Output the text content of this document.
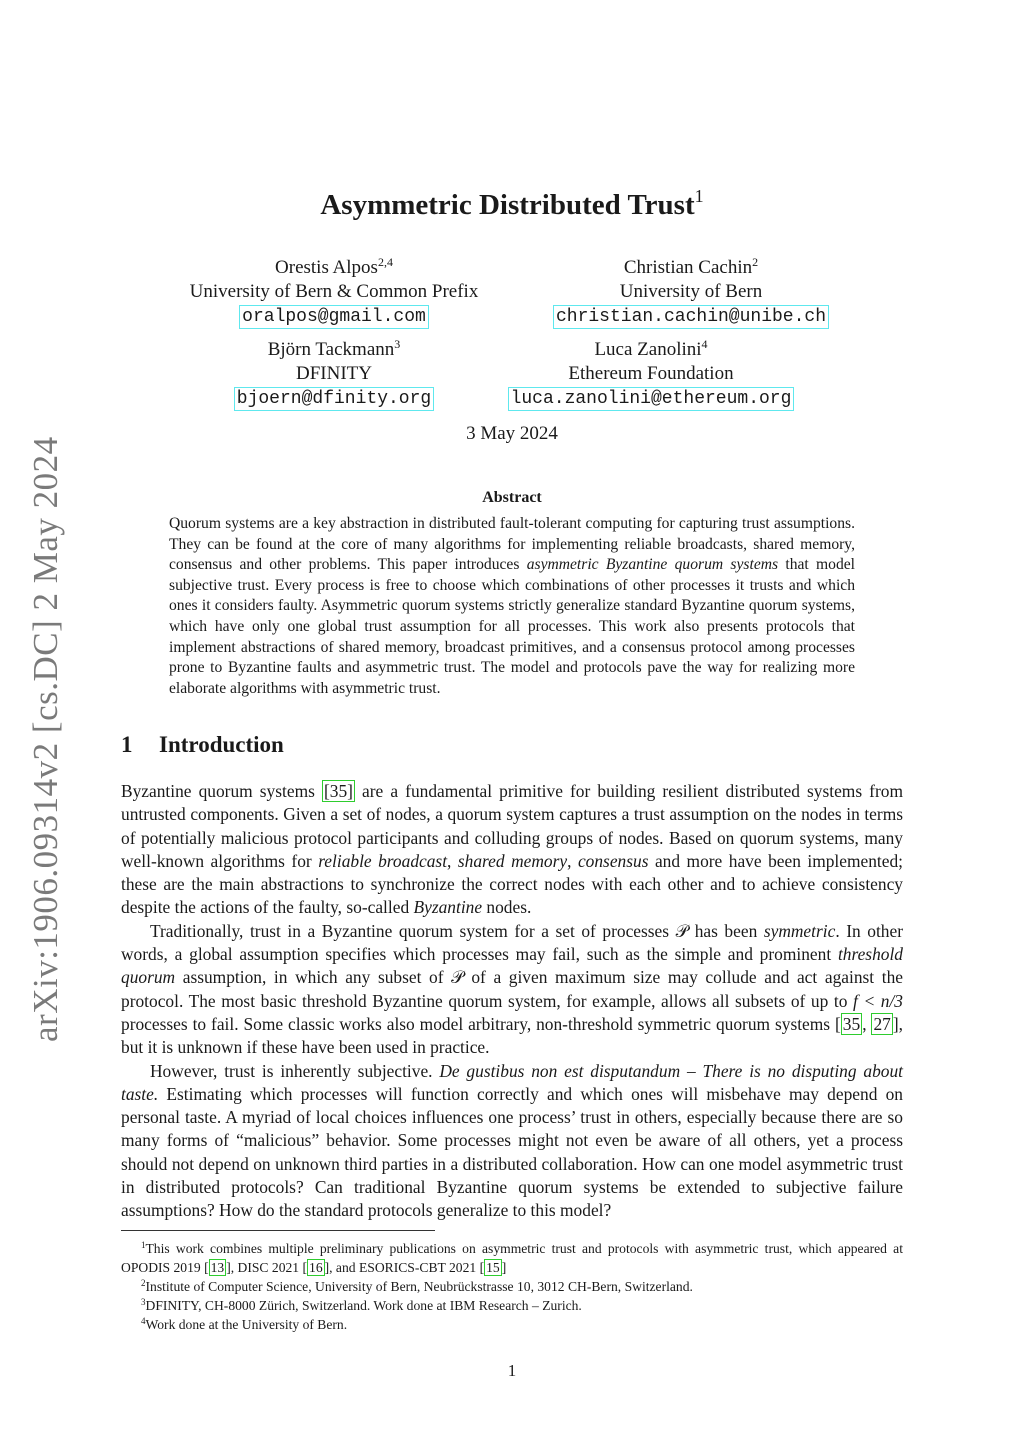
arXiv:1906.09314v2 [cs.DC] 2 May 2024
Asymmetric Distributed Trust$^1$
Orestis Alpos$^{2,4}$
University of Bern & Common Prefix
oralpos@gmail.com
Christian Cachin$^2$
University of Bern
christian.cachin@unibe.ch
Björn Tackmann$^3$
DFINITY
bjoern@dfinity.org
Luca Zanolini$^4$
Ethereum Foundation
luca.zanolini@ethereum.org
3 May 2024
Abstract
Quorum systems are a key abstraction in distributed fault-tolerant computing for capturing trust assumptions. They can be found at the core of many algorithms for implementing reliable broadcasts, shared memory, consensus and other problems. This paper introduces asymmetric Byzantine quorum systems that model subjective trust. Every process is free to choose which combinations of other processes it trusts and which ones it considers faulty. Asymmetric quorum systems strictly generalize standard Byzantine quorum systems, which have only one global trust assumption for all processes. This work also presents protocols that implement abstractions of shared memory, broadcast primitives, and a consensus protocol among processes prone to Byzantine faults and asymmetric trust. The model and protocols pave the way for realizing more elaborate algorithms with asymmetric trust.
1 Introduction

Byzantine quorum systems [35] are a fundamental primitive for building resilient distributed systems from untrusted components. Given a set of nodes, a quorum system captures a trust assumption on the nodes in terms of potentially malicious protocol participants and colluding groups of nodes. Based on quorum systems, many well-known algorithms for reliable broadcast, shared memory, consensus and more have been implemented; these are the main abstractions to synchronize the correct nodes with each other and to achieve consistency despite the actions of the faulty, so-called Byzantine nodes.

Traditionally, trust in a Byzantine quorum system for a set of processes 𝒫 has been symmetric. In other words, a global assumption specifies which processes may fail, such as the simple and prominent threshold quorum assumption, in which any subset of 𝒫 of a given maximum size may collude and act against the protocol. The most basic threshold Byzantine quorum system, for example, allows all subsets of up to f < n/3 processes to fail. Some classic works also model arbitrary, non-threshold symmetric quorum systems [ 35 , 27 ], but it is unknown if these have been used in practice.

However, trust is inherently subjective. De gustibus non est disputandum – There is no disputing about taste. Estimating which processes will function correctly and which ones will misbehave may depend on personal taste. A myriad of local choices influences one process’ trust in others, especially because there are so many forms of “malicious” behavior. Some processes might not even be aware of all others, yet a process should not depend on unknown third parties in a distributed collaboration. How can one model asymmetric trust in distributed protocols? Can traditional Byzantine quorum systems be extended to subjective failure assumptions? How do the standard protocols generalize to this model?

$^1$This work combines multiple preliminary publications on asymmetric trust and protocols with asymmetric trust, which appeared at OPODIS 2019 [ 13 ], DISC 2021 [ 16 ], and ESORICS-CBT 2021 [ 15 ]
$^2$Institute of Computer Science, University of Bern, Neubrückstrasse 10, 3012 CH-Bern, Switzerland.
$^3$DFINITY, CH-8000 Zürich, Switzerland. Work done at IBM Research – Zurich.
$^4$Work done at the University of Bern.
1
